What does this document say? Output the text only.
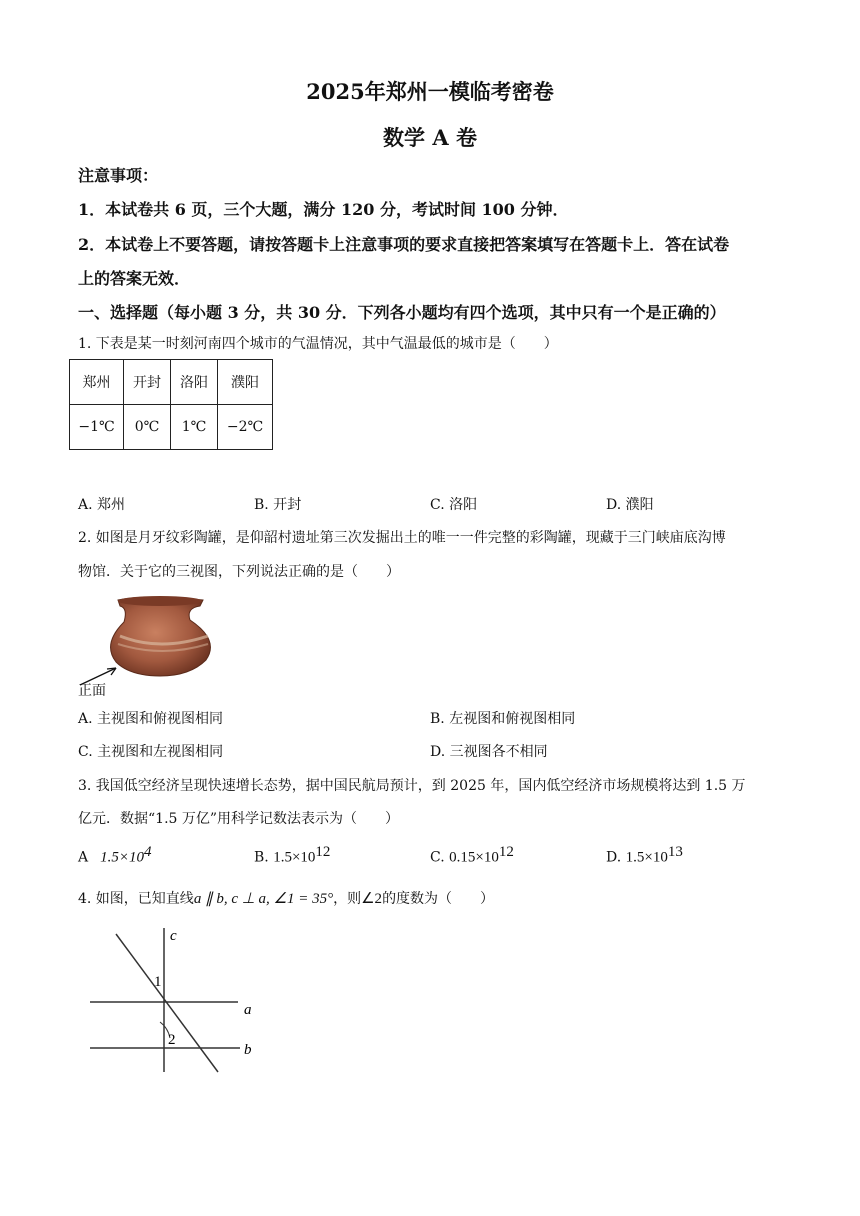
2025年郑州一模临考密卷
数学 A 卷
注意事项：
1．本试卷共 6 页，三个大题，满分 120 分，考试时间 100 分钟．
2．本试卷上不要答题，请按答题卡上注意事项的要求直接把答案填写在答题卡上．答在试卷
上的答案无效．
一、选择题（每小题 3 分，共 30 分．下列各小题均有四个选项，其中只有一个是正确的）
1. 下表是某一时刻河南四个城市的气温情况，其中气温最低的城市是（　　）
郑州	开封	洛阳	濮阳
−1℃	0℃	1℃	−2℃
A. 郑州	B. 开封	C. 洛阳	D. 濮阳
2. 如图是月牙纹彩陶罐，是仰韶村遗址第三次发掘出土的唯一一件完整的彩陶罐，现藏于三门峡庙底沟博
物馆．关于它的三视图，下列说法正确的是（　　）
正面
A. 主视图和俯视图相同	B. 左视图和俯视图相同
C. 主视图和左视图相同	D. 三视图各不相同
3. 我国低空经济呈现快速增长态势，据中国民航局预计，到 2025 年，国内低空经济市场规模将达到 1.5 万
亿元．数据“1.5 万亿”用科学记数法表示为（　　）
A $1.5\times 10^4$	B. $1.5\times 10^{12}$	C. $0.15\times 10^{12}$	D. $1.5\times 10^{13}$
4. 如图，已知直线a ∥ b, c ⊥ a, ∠1 = 35°，则∠2的度数为（　　）
c
a
b
1
2
